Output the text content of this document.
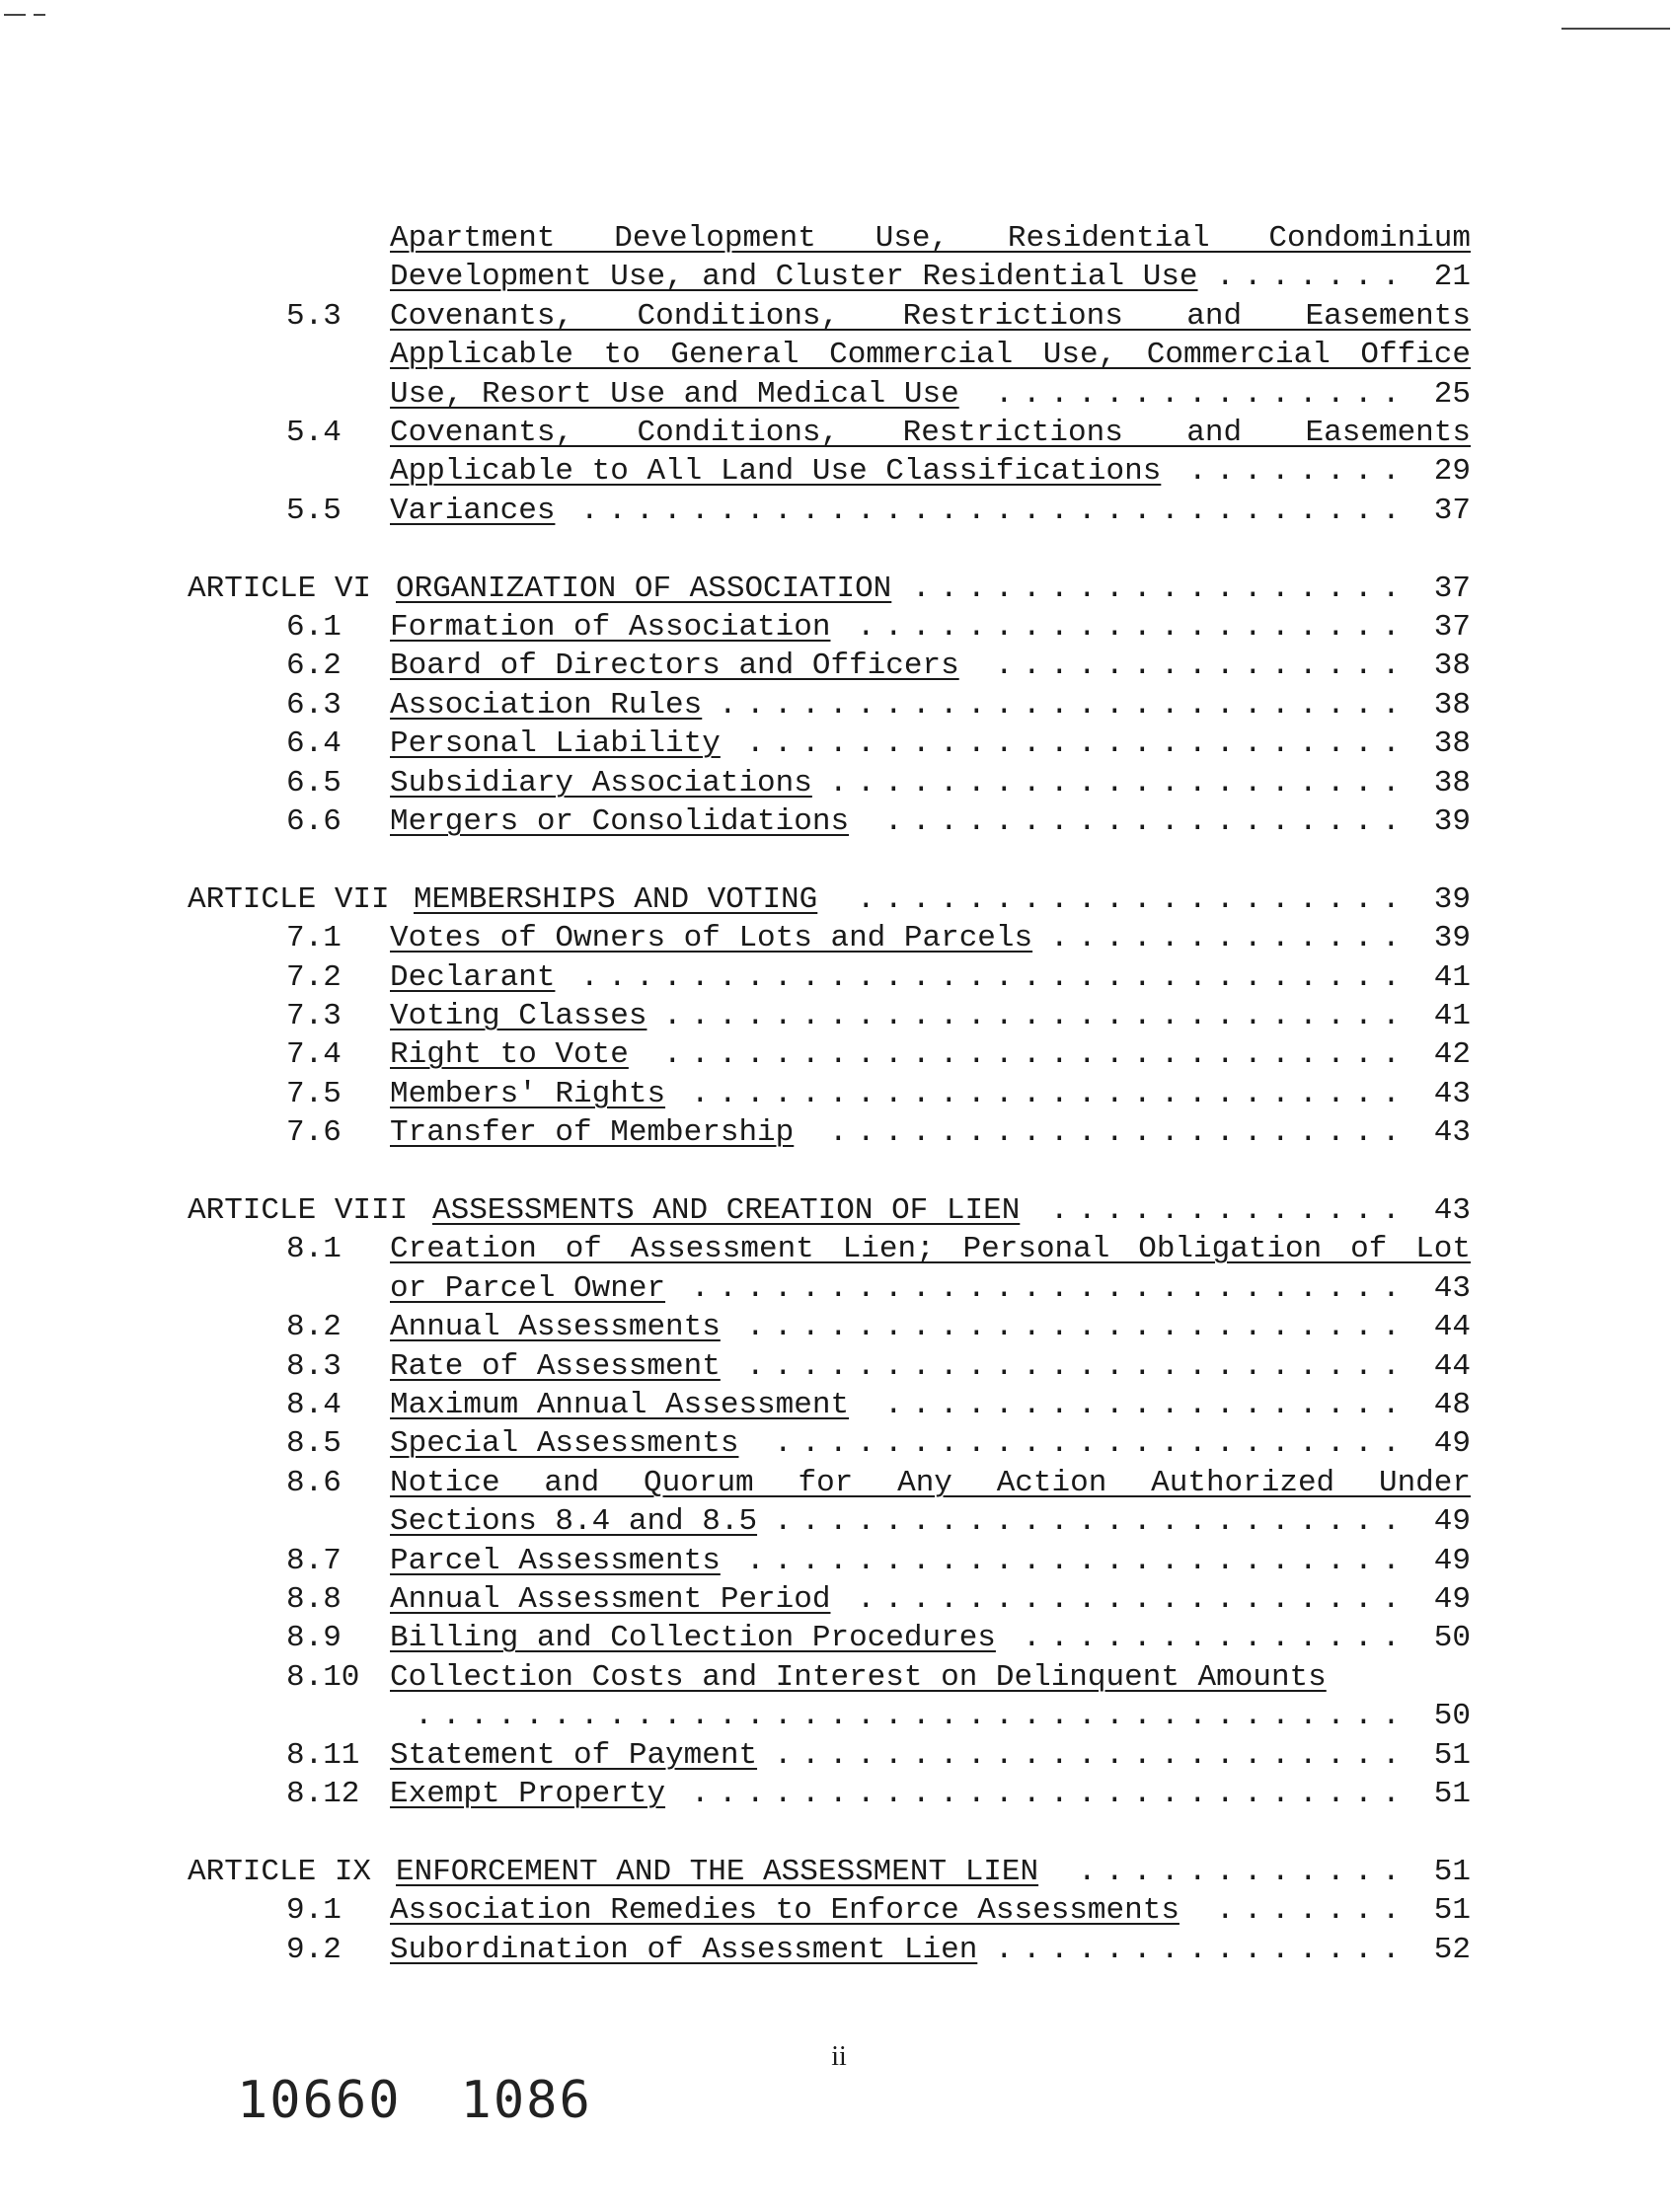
Apartment Development Use, Residential Condominium
Development Use, and Cluster Residential Use	21
.......
5.3 Covenants, Conditions, Restrictions and Easements
Applicable to General Commercial Use, Commercial Office
Use, Resort Use and Medical Use	25
...............
5.4 Covenants, Conditions, Restrictions and Easements
Applicable to All Land Use Classifications	29
........
5.5 Variances	37
..............................
ARTICLE VI ORGANIZATION OF ASSOCIATION	37
..................
6.1 Formation of Association	37
....................
6.2 Board of Directors and Officers	38
...............
6.3 Association Rules	38
.........................
6.4 Personal Liability	38
........................
6.5 Subsidiary Associations	38
.....................
6.6 Mergers or Consolidations	39
...................
ARTICLE VII MEMBERSHIPS AND VOTING	39
....................
7.1 Votes of Owners of Lots and Parcels	39
.............
7.2 Declarant	41
..............................
7.3 Voting Classes	41
...........................
7.4 Right to Vote	42
...........................
7.5 Members' Rights	43
..........................
7.6 Transfer of Membership	43
.....................
ARTICLE VIII ASSESSMENTS AND CREATION OF LIEN	43
.............
8.1 Creation of Assessment Lien; Personal Obligation of Lot
or Parcel Owner	43
..........................
8.2 Annual Assessments	44
........................
8.3 Rate of Assessment	44
........................
8.4 Maximum Annual Assessment	48
...................
8.5 Special Assessments	49
.......................
8.6 Notice and Quorum for Any Action Authorized Under
Sections 8.4 and 8.5	49
.......................
8.7 Parcel Assessments	49
........................
8.8 Annual Assessment Period	49
....................
8.9 Billing and Collection Procedures	50
..............
8.10 Collection Costs and Interest on Delinquent Amounts
50
....................................
8.11 Statement of Payment	51
.......................
8.12 Exempt Property	51
..........................
ARTICLE IX ENFORCEMENT AND THE ASSESSMENT LIEN	51
............
9.1 Association Remedies to Enforce Assessments	51
.......
9.2 Subordination of Assessment Lien	52
...............
ii
10660 1086
